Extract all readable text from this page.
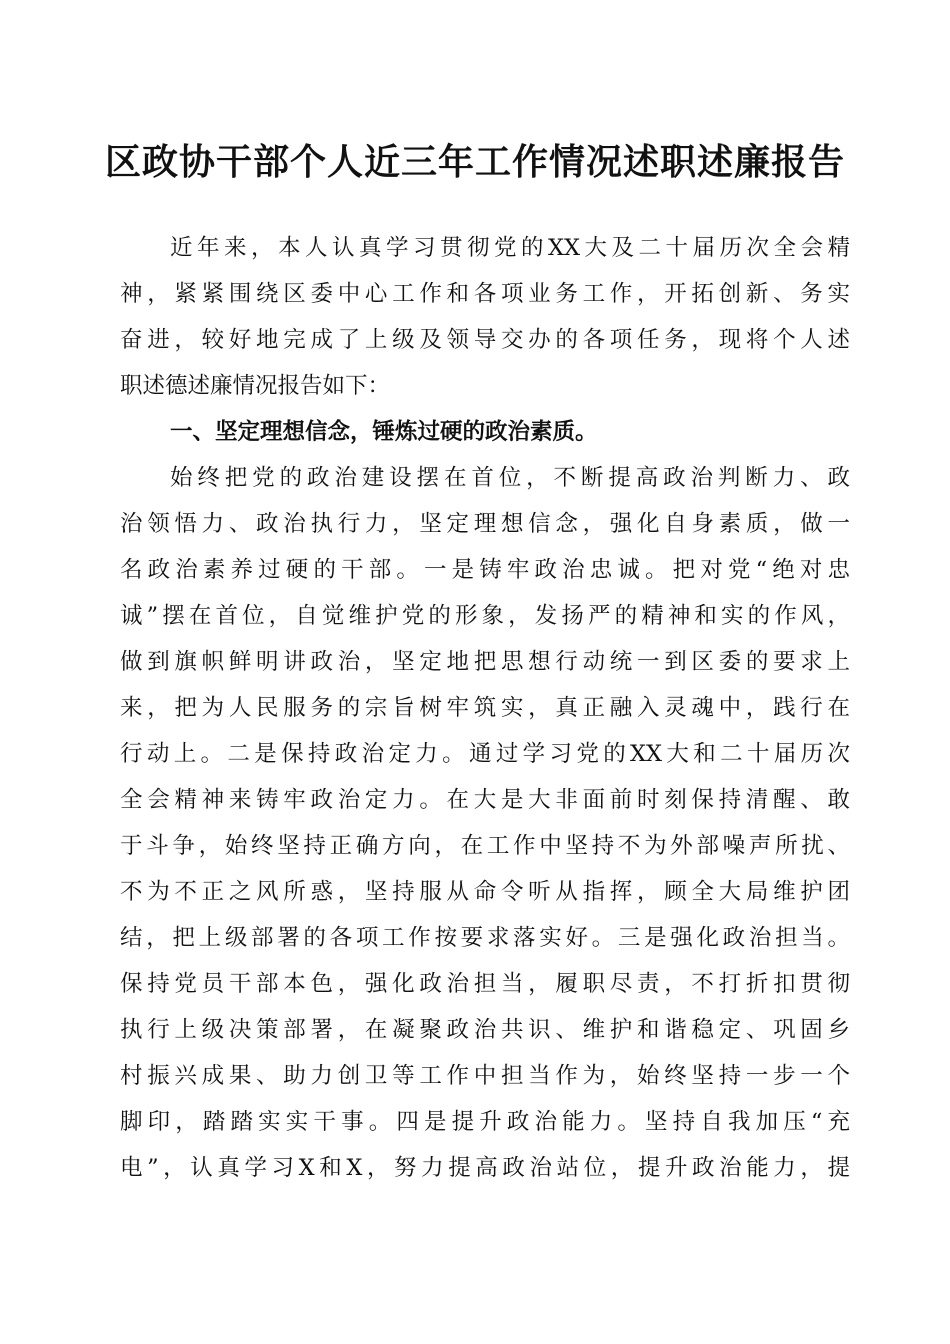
区政协干部个人近三年工作情况述职述廉报告
近年来，本人认真学习贯彻党的XX大及二十届历次全会精
神，紧紧围绕区委中心工作和各项业务工作，开拓创新、务实
奋进，较好地完成了上级及领导交办的各项任务，现将个人述
职述德述廉情况报告如下：
一、坚定理想信念，锤炼过硬的政治素质。
始终把党的政治建设摆在首位，不断提高政治判断力、政
治领悟力、政治执行力，坚定理想信念，强化自身素质，做一
名政治素养过硬的干部。一是铸牢政治忠诚。把对党“绝对忠
诚”摆在首位，自觉维护党的形象，发扬严的精神和实的作风，
做到旗帜鲜明讲政治，坚定地把思想行动统一到区委的要求上
来，把为人民服务的宗旨树牢筑实，真正融入灵魂中，践行在
行动上。二是保持政治定力。通过学习党的XX大和二十届历次
全会精神来铸牢政治定力。在大是大非面前时刻保持清醒、敢
于斗争，始终坚持正确方向，在工作中坚持不为外部噪声所扰、
不为不正之风所惑，坚持服从命令听从指挥，顾全大局维护团
结，把上级部署的各项工作按要求落实好。三是强化政治担当。
保持党员干部本色，强化政治担当，履职尽责，不打折扣贯彻
执行上级决策部署，在凝聚政治共识、维护和谐稳定、巩固乡
村振兴成果、助力创卫等工作中担当作为，始终坚持一步一个
脚印，踏踏实实干事。四是提升政治能力。坚持自我加压“充
电”，认真学习X和X，努力提高政治站位，提升政治能力，提
